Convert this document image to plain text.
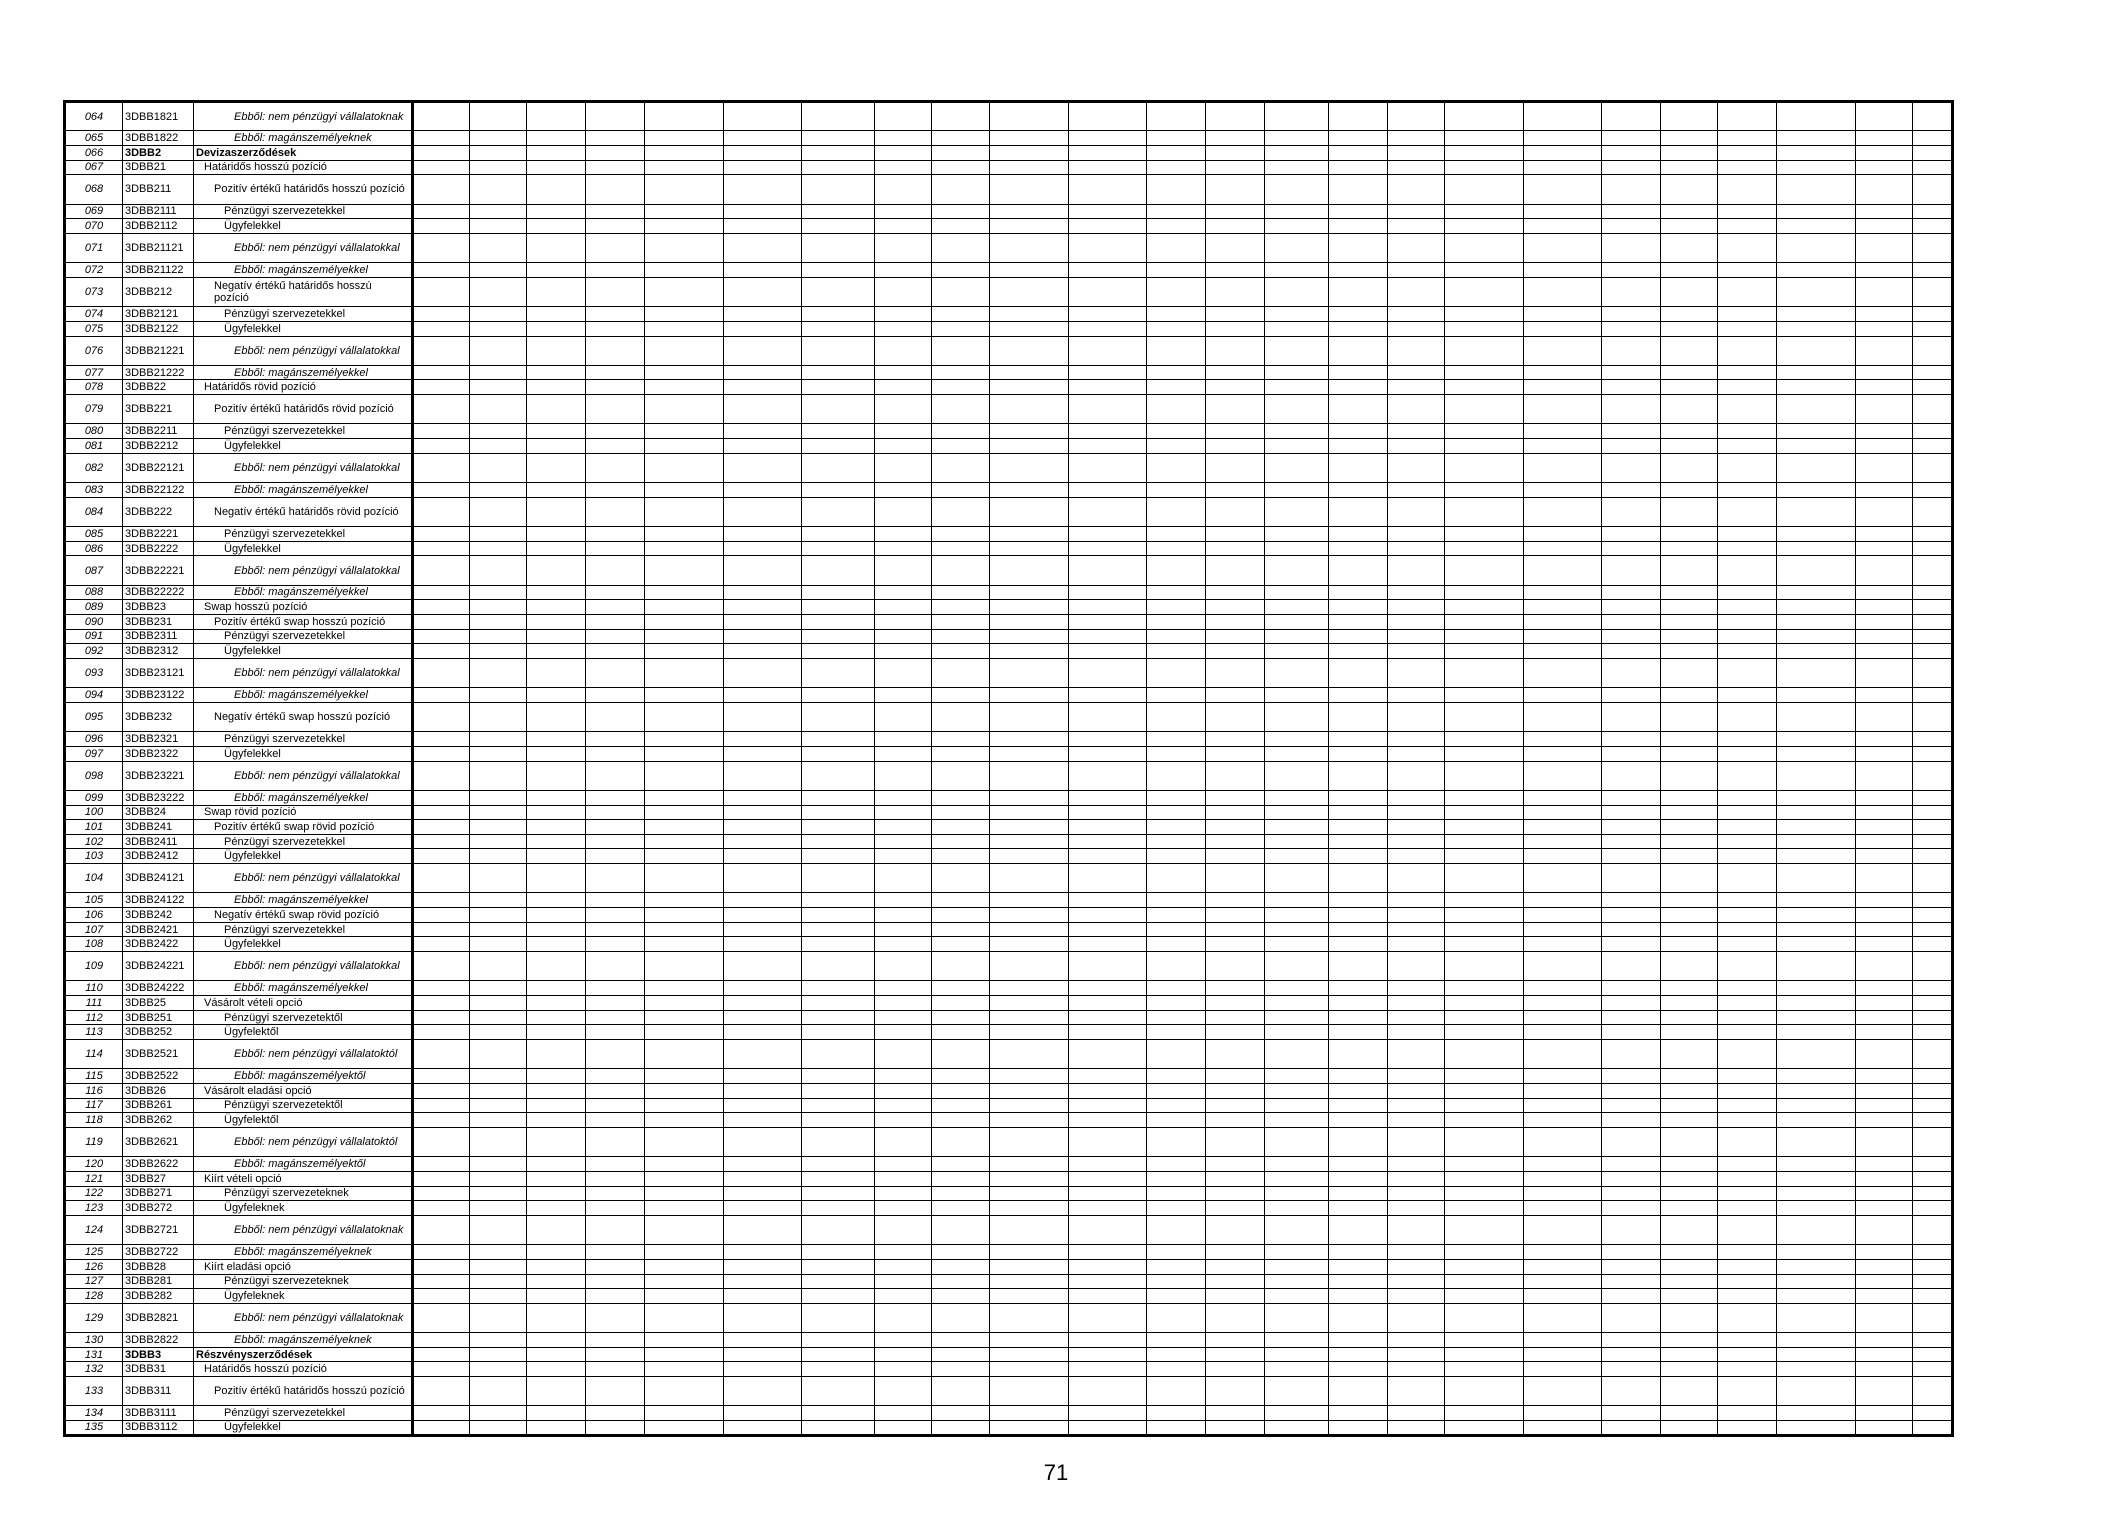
064	3DBB1821	Ebből: nem pénzügyi vállalatoknak																								
065	3DBB1822	Ebből: magánszemélyeknek																								
066	3DBB2	Devizaszerződések																								
067	3DBB21	Határidős hosszú pozíció																								
068	3DBB211	Pozitív értékű határidős hosszú pozíció																								
069	3DBB2111	Pénzügyi szervezetekkel																								
070	3DBB2112	Ügyfelekkel																								
071	3DBB21121	Ebből: nem pénzügyi vállalatokkal																								
072	3DBB21122	Ebből: magánszemélyekkel																								
073	3DBB212	Negatív értékű határidős hosszú pozíció																								
074	3DBB2121	Pénzügyi szervezetekkel																								
075	3DBB2122	Ügyfelekkel																								
076	3DBB21221	Ebből: nem pénzügyi vállalatokkal																								
077	3DBB21222	Ebből: magánszemélyekkel																								
078	3DBB22	Határidős rövid pozíció																								
079	3DBB221	Pozitív értékű határidős rövid pozíció																								
080	3DBB2211	Pénzügyi szervezetekkel																								
081	3DBB2212	Ügyfelekkel																								
082	3DBB22121	Ebből: nem pénzügyi vállalatokkal																								
083	3DBB22122	Ebből: magánszemélyekkel																								
084	3DBB222	Negatív értékű határidős rövid pozíció																								
085	3DBB2221	Pénzügyi szervezetekkel																								
086	3DBB2222	Ügyfelekkel																								
087	3DBB22221	Ebből: nem pénzügyi vállalatokkal																								
088	3DBB22222	Ebből: magánszemélyekkel																								
089	3DBB23	Swap hosszú pozíció																								
090	3DBB231	Pozitív értékű swap hosszú pozíció																								
091	3DBB2311	Pénzügyi szervezetekkel																								
092	3DBB2312	Ügyfelekkel																								
093	3DBB23121	Ebből: nem pénzügyi vállalatokkal																								
094	3DBB23122	Ebből: magánszemélyekkel																								
095	3DBB232	Negatív értékű swap hosszú pozíció																								
096	3DBB2321	Pénzügyi szervezetekkel																								
097	3DBB2322	Ügyfelekkel																								
098	3DBB23221	Ebből: nem pénzügyi vállalatokkal																								
099	3DBB23222	Ebből: magánszemélyekkel																								
100	3DBB24	Swap rövid pozíció																								
101	3DBB241	Pozitív értékű swap rövid pozíció																								
102	3DBB2411	Pénzügyi szervezetekkel																								
103	3DBB2412	Ügyfelekkel																								
104	3DBB24121	Ebből: nem pénzügyi vállalatokkal																								
105	3DBB24122	Ebből: magánszemélyekkel																								
106	3DBB242	Negatív értékű swap rövid pozíció																								
107	3DBB2421	Pénzügyi szervezetekkel																								
108	3DBB2422	Ügyfelekkel																								
109	3DBB24221	Ebből: nem pénzügyi vállalatokkal																								
110	3DBB24222	Ebből: magánszemélyekkel																								
111	3DBB25	Vásárolt vételi opció																								
112	3DBB251	Pénzügyi szervezetektől																								
113	3DBB252	Ügyfelektől																								
114	3DBB2521	Ebből: nem pénzügyi vállalatoktól																								
115	3DBB2522	Ebből: magánszemélyektől																								
116	3DBB26	Vásárolt eladási opció																								
117	3DBB261	Pénzügyi szervezetektől																								
118	3DBB262	Ügyfelektől																								
119	3DBB2621	Ebből: nem pénzügyi vállalatoktól																								
120	3DBB2622	Ebből: magánszemélyektől																								
121	3DBB27	Kiírt vételi opció																								
122	3DBB271	Pénzügyi szervezeteknek																								
123	3DBB272	Ügyfeleknek																								
124	3DBB2721	Ebből: nem pénzügyi vállalatoknak																								
125	3DBB2722	Ebből: magánszemélyeknek																								
126	3DBB28	Kiírt eladási opció																								
127	3DBB281	Pénzügyi szervezeteknek																								
128	3DBB282	Ügyfeleknek																								
129	3DBB2821	Ebből: nem pénzügyi vállalatoknak																								
130	3DBB2822	Ebből: magánszemélyeknek																								
131	3DBB3	Részvényszerződések																								
132	3DBB31	Határidős hosszú pozíció																								
133	3DBB311	Pozitív értékű határidős hosszú pozíció																								
134	3DBB3111	Pénzügyi szervezetekkel																								
135	3DBB3112	Ügyfelekkel																								
71
